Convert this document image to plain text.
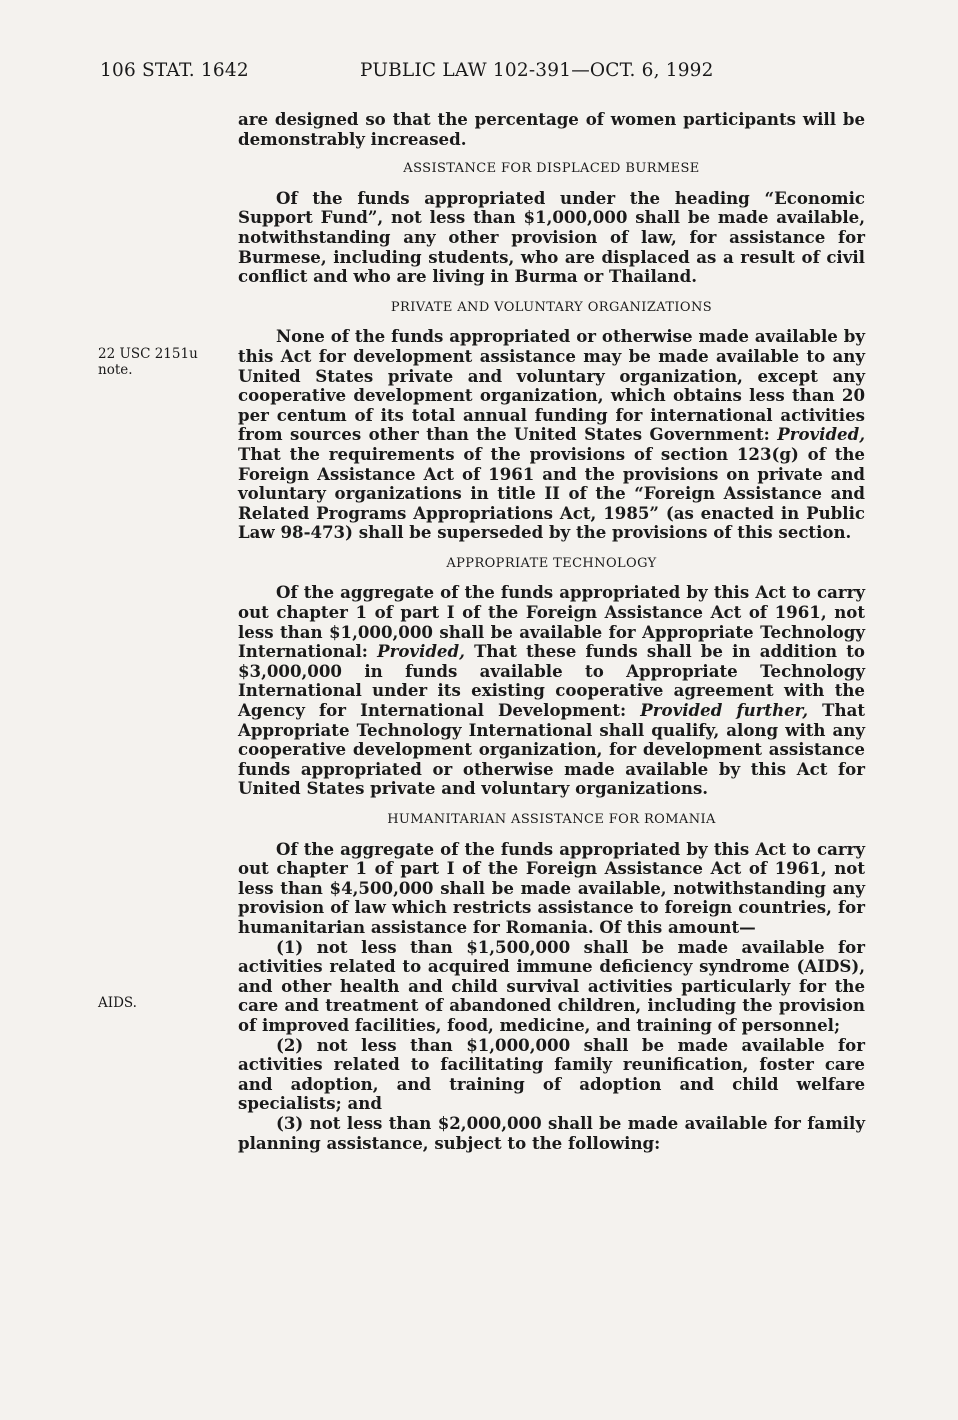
106 STAT. 1642	PUBLIC LAW 102-391—OCT. 6, 1992
22 USC 2151u note.
AIDS.

are designed so that the percentage of women participants will be demonstrably increased.

ASSISTANCE FOR DISPLACED BURMESE

Of the funds appropriated under the heading “Economic Support Fund”, not less than $1,000,000 shall be made available, notwithstanding any other provision of law, for assistance for Burmese, including students, who are displaced as a result of civil conflict and who are living in Burma or Thailand.

PRIVATE AND VOLUNTARY ORGANIZATIONS

None of the funds appropriated or otherwise made available by this Act for development assistance may be made available to any United States private and voluntary organization, except any cooperative development organization, which obtains less than 20 per centum of its total annual funding for international activities from sources other than the United States Government: Provided, That the requirements of the provisions of section 123(g) of the Foreign Assistance Act of 1961 and the provisions on private and voluntary organizations in title II of the “Foreign Assistance and Related Programs Appropriations Act, 1985” (as enacted in Public Law 98-473) shall be superseded by the provisions of this section.

APPROPRIATE TECHNOLOGY

Of the aggregate of the funds appropriated by this Act to carry out chapter 1 of part I of the Foreign Assistance Act of 1961, not less than $1,000,000 shall be available for Appropriate Technology International: Provided, That these funds shall be in addition to $3,000,000 in funds available to Appropriate Technology International under its existing cooperative agreement with the Agency for International Development: Provided further, That Appropriate Technology International shall qualify, along with any cooperative development organization, for development assistance funds appropriated or otherwise made available by this Act for United States private and voluntary organizations.

HUMANITARIAN ASSISTANCE FOR ROMANIA

Of the aggregate of the funds appropriated by this Act to carry out chapter 1 of part I of the Foreign Assistance Act of 1961, not less than $4,500,000 shall be made available, notwithstanding any provision of law which restricts assistance to foreign countries, for humanitarian assistance for Romania. Of this amount—

(1) not less than $1,500,000 shall be made available for activities related to acquired immune deficiency syndrome (AIDS), and other health and child survival activities particularly for the care and treatment of abandoned children, including the provision of improved facilities, food, medicine, and training of personnel;

(2) not less than $1,000,000 shall be made available for activities related to facilitating family reunification, foster care and adoption, and training of adoption and child welfare specialists; and

(3) not less than $2,000,000 shall be made available for family planning assistance, subject to the following:
